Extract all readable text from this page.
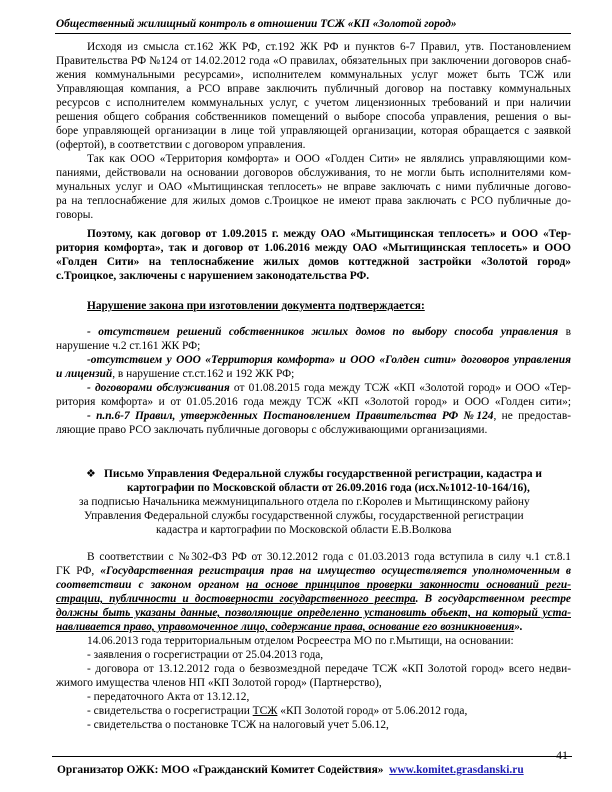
Общественный жилищный контроль в отношении ТСЖ «КП «Золотой город»
Исходя из смысла ст.162 ЖК РФ, ст.192 ЖК РФ и пунктов 6-7 Правил, утв. Постановлением
Правительства РФ №124 от 14.02.2012 года «О правилах, обязательных при заключении договоров снаб-
жения коммунальными ресурсами», исполнителем коммунальных услуг может быть ТСЖ или
Управляющая компания, а РСО вправе заключить публичный договор на поставку коммунальных
ресурсов с исполнителем коммунальных услуг, с учетом лицензионных требований и при наличии
решения общего собрания собственников помещений о выборе способа управления, решения о вы-
боре управляющей организации в лице той управляющей организации, которая обращается с заявкой
(офертой), в соответствии с договором управления.
Так как ООО «Территория комфорта» и ООО «Голден Сити» не являлись управляющими ком-
паниями, действовали на основании договоров обслуживания, то не могли быть исполнителями ком-
мунальных услуг и ОАО «Мытищинская теплосеть» не вправе заключать с ними публичные догово-
ра на теплоснабжение для жилых домов с.Троицкое не имеют права заключать с РСО публичные до-
говоры.
Поэтому, как договор от 1.09.2015 г. между ОАО «Мытищинская теплосеть» и ООО «Тер-
ритория комфорта», так и договор от 1.06.2016 между ОАО «Мытищинская теплосеть» и ООО
«Голден Сити» на теплоснабжение жилых домов коттеджной застройки «Золотой город»
с.Троицкое, заключены с нарушением законодательства РФ.
Нарушение закона при изготовлении документа подтверждается:
- отсутствием решений собственников жилых домов по выбору способа управления в
нарушение ч.2 ст.161 ЖК РФ;
-отсутствием у ООО «Территория комфорта» и ООО «Голден сити» договоров управления
и лицензий, в нарушение ст.ст.162 и 192 ЖК РФ;
- договорами обслуживания от 01.08.2015 года между ТСЖ «КП «Золотой город» и ООО «Тер-
ритория комфорта» и от 01.05.2016 года между ТСЖ «КП «Золотой город» и ООО «Голден сити»;
- п.п.6-7 Правил, утвержденных Постановлением Правительства РФ №124, не предостав-
ляющие право РСО заключать публичные договоры с обслуживающими организациями.
❖ Письмо Управления Федеральной службы государственной регистрации, кадастра и
картографии по Московской области от 26.09.2016 года (исх.№1012-10-164/16),
за подписью Начальника межмуниципального отдела по г.Королев и Мытищинскому району
Управления Федеральной службы государственной службы, государственной регистрации
кадастра и картографии по Московской области Е.В.Волкова
В соответствии с №302-ФЗ РФ от 30.12.2012 года с 01.03.2013 года вступила в силу ч.1 ст.8.1
ГК РФ, «Государственная регистрация прав на имущество осуществляется уполномоченным в
соответствии с законом органом на основе принципов проверки законности оснований реги-
страции, публичности и достоверности государственного реестра. В государственном реестре
должны быть указаны данные, позволяющие определенно установить объект, на который уста-
навливается право, управомоченное лицо, содержание права, основание его возникновения».
14.06.2013 года территориальным отделом Росреестра МО по г.Мытищи, на основании:
- заявления о госрегистрации от 25.04.2013 года,
- договора от 13.12.2012 года о безвозмездной передаче ТСЖ «КП Золотой город» всего недви-
жимого имущества членов НП «КП Золотой город» (Партнерство),
- передаточного Акта от 13.12.12,
- свидетельства о госрегистрации ТСЖ «КП Золотой город» от 5.06.2012 года,
- свидетельства о постановке ТСЖ на налоговый учет 5.06.12,
41
Организатор ОЖК: МОО «Гражданский Комитет Содействия» www.komitet.grasdanski.ru
